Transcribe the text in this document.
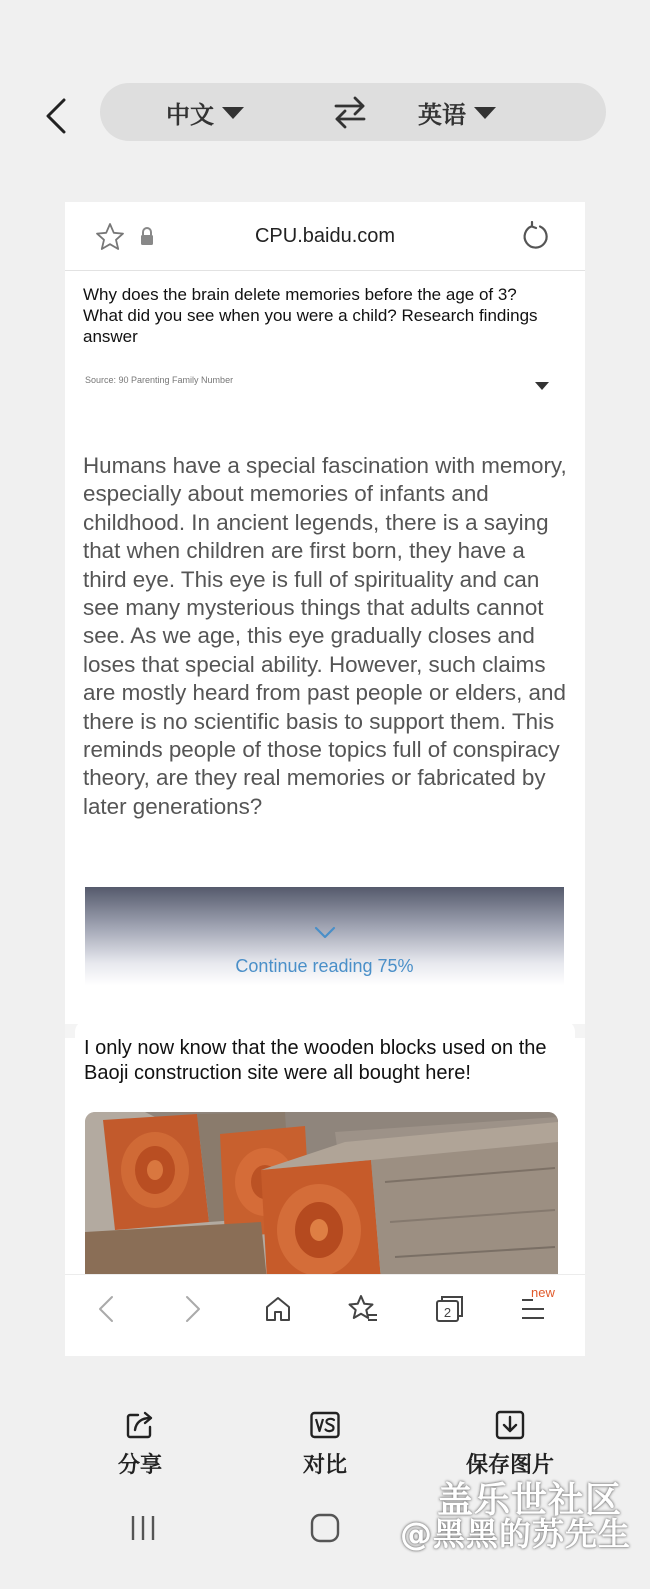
中文	英语
CPU.baidu.com
Why does the brain delete memories before the age of 3? What did you see when you were a child? Research findings answer
Source: 90 Parenting Family Number
Humans have a special fascination with memory, especially about memories of infants and childhood. In ancient legends, there is a saying that when children are first born, they have a third eye. This eye is full of spirituality and can see many mysterious things that adults cannot see. As we age, this eye gradually closes and loses that special ability. However, such claims are mostly heard from past people or elders, and there is no scientific basis to support them. This reminds people of those topics full of conspiracy theory, are they real memories or fabricated by later generations?
Continue reading 75%
I only now know that the wooden blocks used on the Baoji construction site were all bought here!
2
new
分享	对比	保存图片
盖乐世社区
@黑黑的苏先生
